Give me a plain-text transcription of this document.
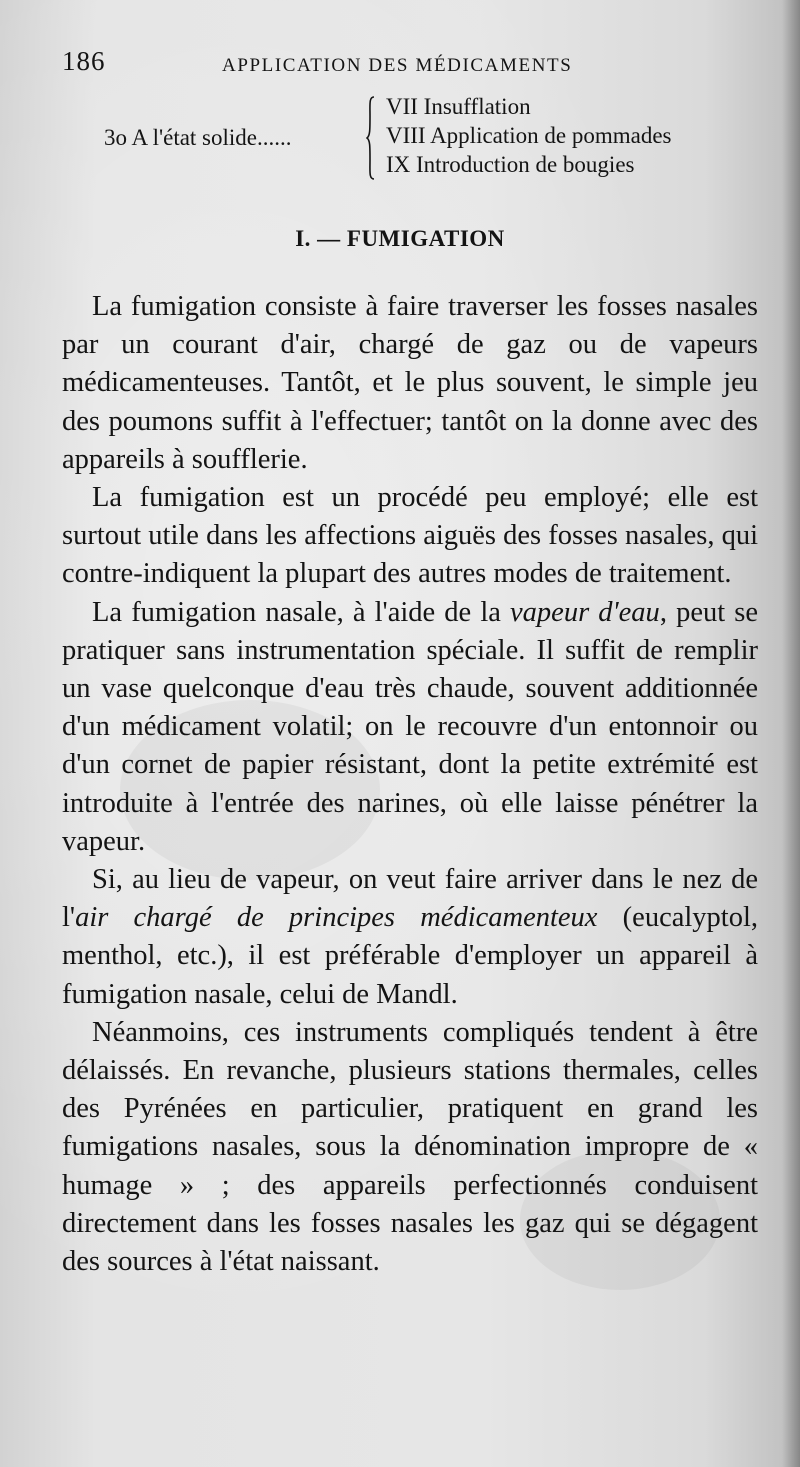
186	APPLICATION DES MÉDICAMENTS
3o A l'état solide......
VII Insufflation
VIII Application de pommades
IX Introduction de bougies
I. — FUMIGATION

La fumigation consiste à faire traverser les fosses nasales par un courant d'air, chargé de gaz ou de vapeurs médicamenteuses. Tantôt, et le plus souvent, le simple jeu des poumons suffit à l'effectuer; tantôt on la donne avec des appareils à soufflerie.

La fumigation est un procédé peu employé; elle est surtout utile dans les affections aiguës des fosses nasales, qui contre-indiquent la plupart des autres modes de traitement.

La fumigation nasale, à l'aide de la vapeur d'eau, peut se pratiquer sans instrumentation spéciale. Il suffit de remplir un vase quelconque d'eau très chaude, souvent additionnée d'un médicament volatil; on le recouvre d'un entonnoir ou d'un cornet de papier résistant, dont la petite extrémité est introduite à l'entrée des narines, où elle laisse pénétrer la vapeur.

Si, au lieu de vapeur, on veut faire arriver dans le nez de l'air chargé de principes médicamenteux (eucalyptol, menthol, etc.), il est préférable d'employer un appareil à fumigation nasale, celui de Mandl.

Néanmoins, ces instruments compliqués tendent à être délaissés. En revanche, plusieurs stations thermales, celles des Pyrénées en particulier, pratiquent en grand les fumigations nasales, sous la dénomination impropre de « humage » ; des appareils perfectionnés conduisent directement dans les fosses nasales les gaz qui se dégagent des sources à l'état naissant.
